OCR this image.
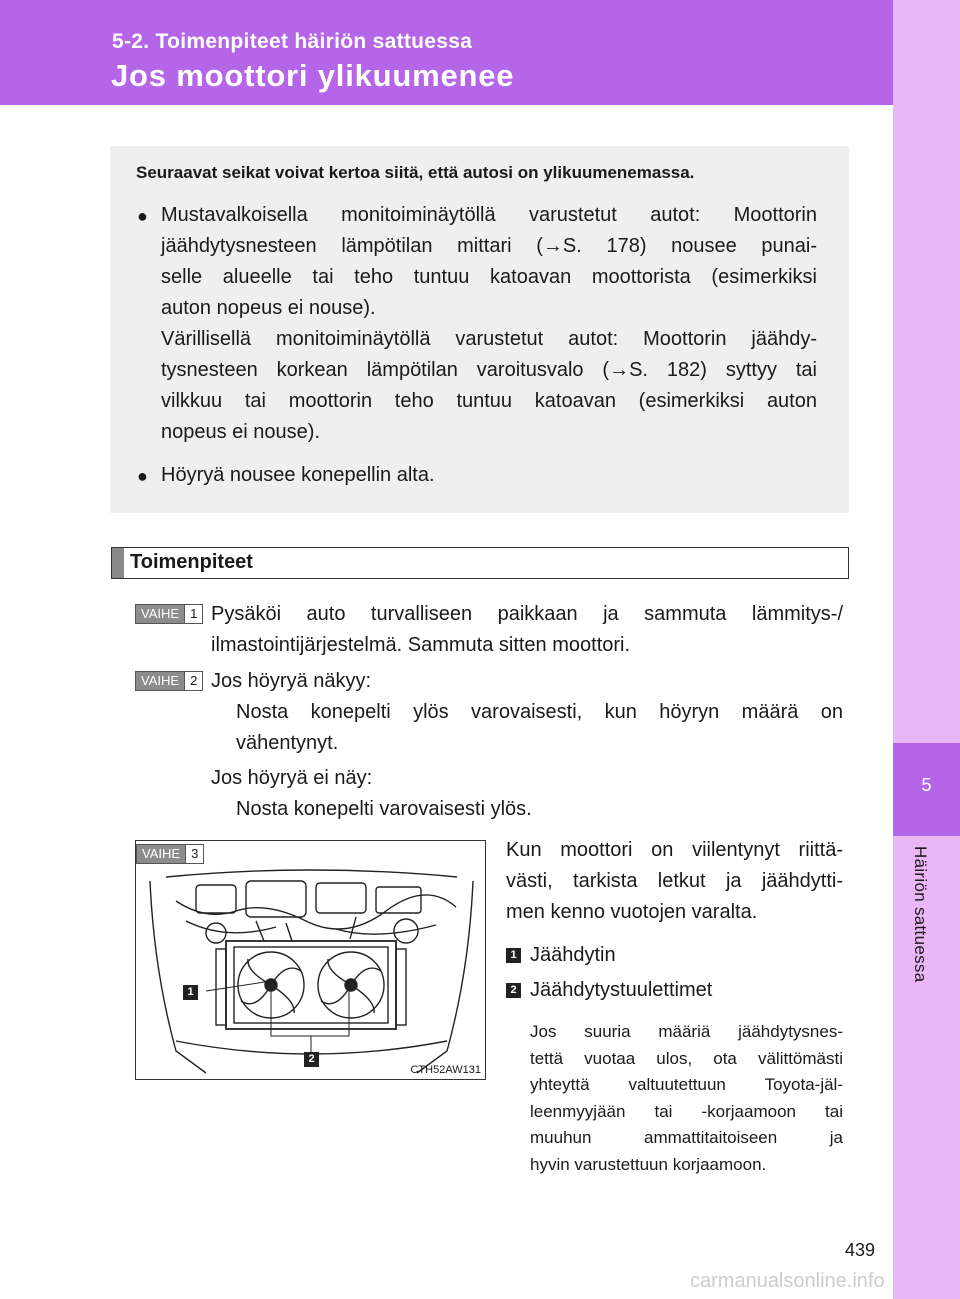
5-2. Toimenpiteet häiriön sattuessa
Jos moottori ylikuumenee
5
Häiriön sattuessa
Seuraavat seikat voivat kertoa siitä, että autosi on ylikuumenemassa.
● Mustavalkoisella monitoiminäytöllä varustetut autot: Moottorin
jäähdytysnesteen lämpötilan mittari (→S. 178) nousee punai-
selle alueelle tai teho tuntuu katoavan moottorista (esimerkiksi
auton nopeus ei nouse).
Värillisellä monitoiminäytöllä varustetut autot: Moottorin jäähdy-
tysnesteen korkean lämpötilan varoitusvalo (→S. 182) syttyy tai
vilkkuu tai moottorin teho tuntuu katoavan (esimerkiksi auton
nopeus ei nouse).
● Höyryä nousee konepellin alta.
Toimenpiteet
VAIHE 1 Pysäköi auto turvalliseen paikkaan ja sammuta lämmitys-/
ilmastointijärjestelmä. Sammuta sitten moottori.
VAIHE 2 Jos höyryä näkyy:
Nosta konepelti ylös varovaisesti, kun höyryn määrä on
vähentynyt.
Jos höyryä ei näy:
Nosta konepelti varovaisesti ylös.
VAIHE 3
1
2
CTH52AW131
Kun moottori on viilentynyt riittä-
västi, tarkista letkut ja jäähdytti-
men kenno vuotojen varalta.
1 Jäähdytin
2 Jäähdytystuulettimet
Jos suuria määriä jäähdytysnes-
tettä vuotaa ulos, ota välittömästi
yhteyttä valtuutettuun Toyota-jäl-
leenmyyjään tai -korjaamoon tai
muuhun ammattitaitoiseen ja
hyvin varustettuun korjaamoon.
439
carmanualsonline.info
